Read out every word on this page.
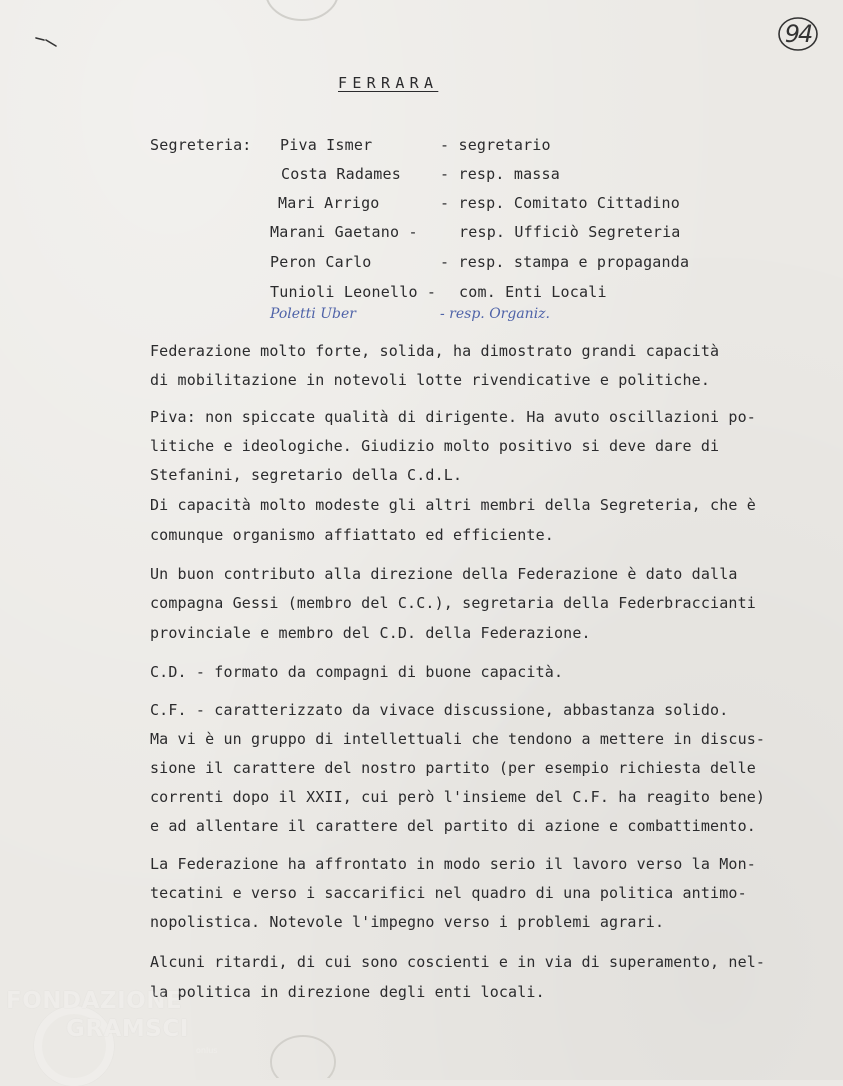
94
FERRARA
Segreteria: Piva Ismer	- segretario
Costa Radames	- resp. massa
Mari Arrigo	- resp. Comitato Cittadino
Marani Gaetano -	resp. Ufficiò Segreteria
Peron Carlo	- resp. stampa e propaganda
Tunioli Leonello - com. Enti Locali
Poletti Uber	- resp. Organiz.
Federazione molto forte, solida, ha dimostrato grandi capacità
di mobilitazione in notevoli lotte rivendicative e politiche.
Piva: non spiccate qualità di dirigente. Ha avuto oscillazioni po-
litiche e ideologiche. Giudizio molto positivo si deve dare di
Stefanini, segretario della C.d.L.
Di capacità molto modeste gli altri membri della Segreteria, che è
comunque organismo affiattato ed efficiente.
Un buon contributo alla direzione della Federazione è dato dalla
compagna Gessi (membro del C.C.), segretaria della Federbraccianti
provinciale e membro del C.D. della Federazione.
C.D. - formato da compagni di buone capacità.
C.F. - caratterizzato da vivace discussione, abbastanza solido.
Ma vi è un gruppo di intellettuali che tendono a mettere in discus-
sione il carattere del nostro partito (per esempio richiesta delle
correnti dopo il XXII, cui però l'insieme del C.F. ha reagito bene)
e ad allentare il carattere del partito di azione e combattimento.
La Federazione ha affrontato in modo serio il lavoro verso la Mon-
tecatini e verso i saccarifici nel quadro di una politica antimo-
nopolistica. Notevole l'impegno verso i problemi agrari.
Alcuni ritardi, di cui sono coscienti e in via di superamento, nel-
la politica in direzione degli enti locali.
FONDAZIONE
GRAMSCI
onlus
